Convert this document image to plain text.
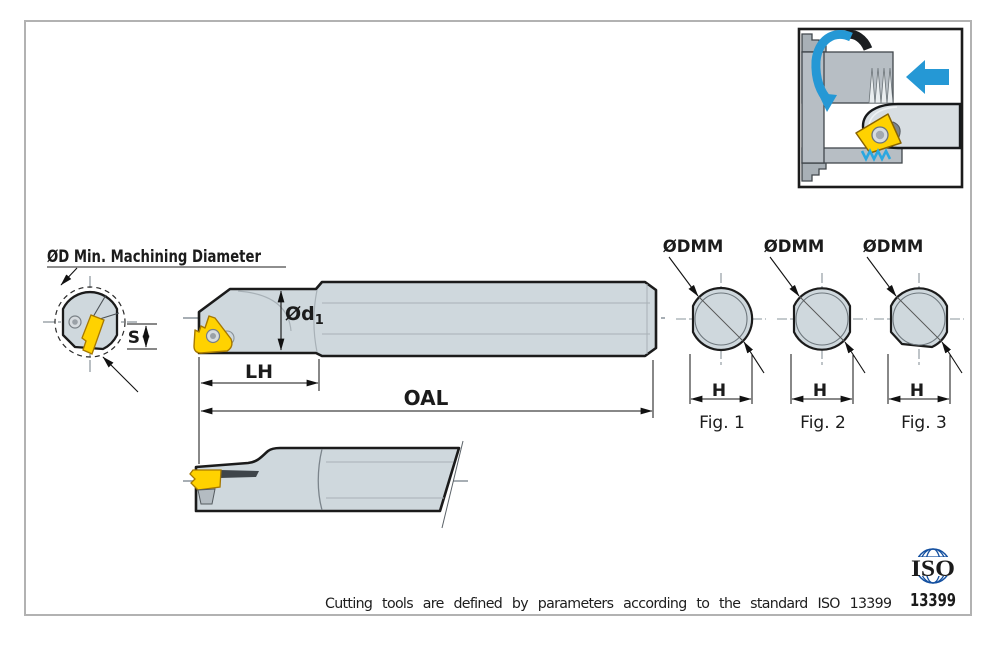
ØD Min. Machining Diameter
S
$Ød_1$
LH
OAL
ØDMM
H
Fig. 1
ØDMM
H
Fig. 2
ØDMM
H
Fig. 3
Cutting tools are defined by parameters according to the standard ISO 13399
ISO
13399
